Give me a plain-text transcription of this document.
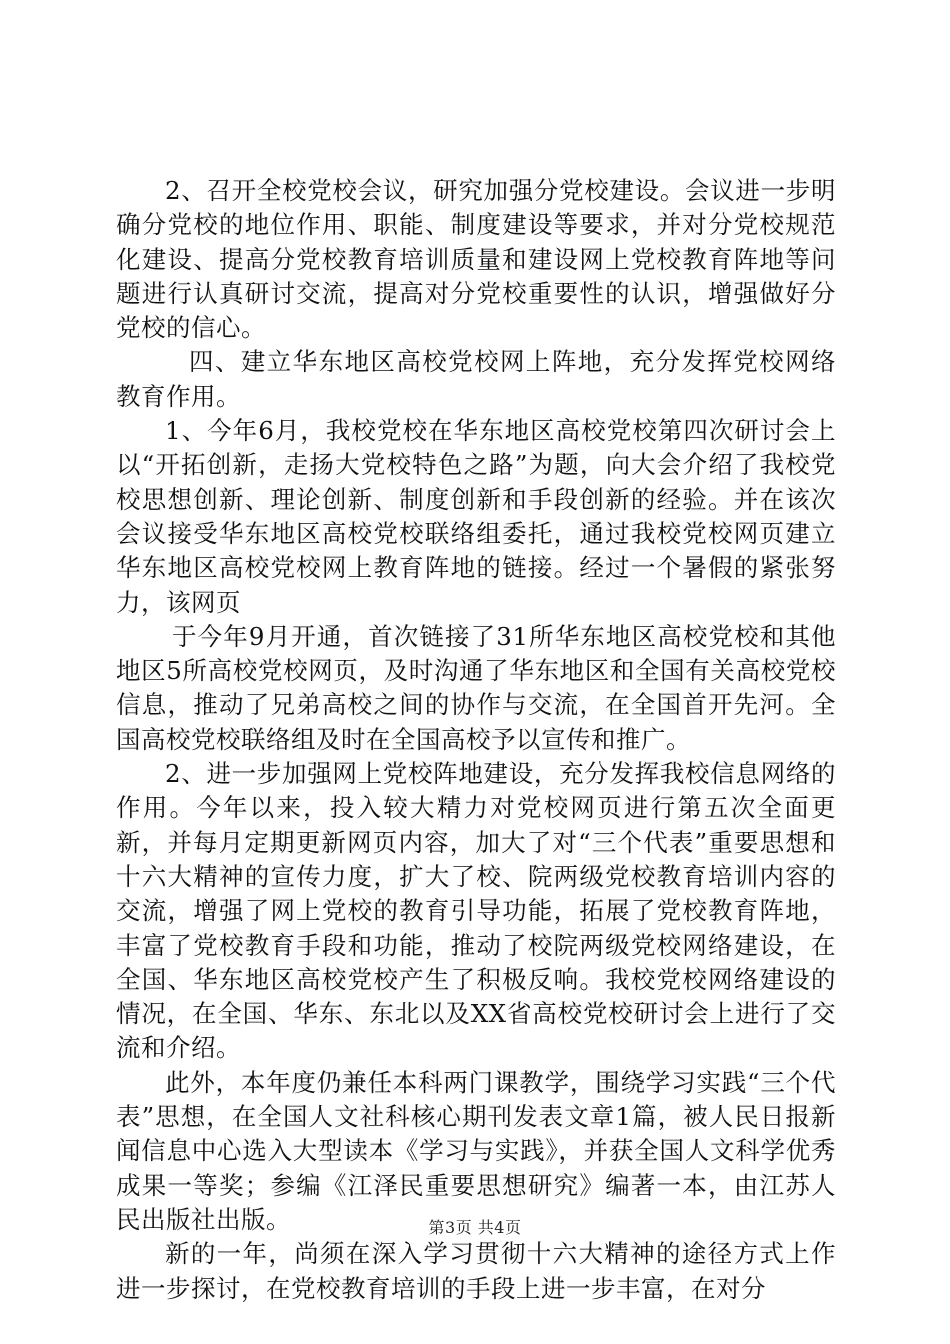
2、召开全校党校会议，研究加强分党校建设。会议进一步明确分党校的地位作用、职能、制度建设等要求，并对分党校规范化建设、提高分党校教育培训质量和建设网上党校教育阵地等问题进行认真研讨交流，提高对分党校重要性的认识，增强做好分党校的信心。

四、建立华东地区高校党校网上阵地，充分发挥党校网络教育作用。

1、今年6月，我校党校在华东地区高校党校第四次研讨会上以“开拓创新，走扬大党校特色之路”为题，向大会介绍了我校党校思想创新、理论创新、制度创新和手段创新的经验。并在该次会议接受华东地区高校党校联络组委托，通过我校党校网页建立华东地区高校党校网上教育阵地的链接。经过一个暑假的紧张努力，该网页

于今年9月开通，首次链接了31所华东地区高校党校和其他地区5所高校党校网页，及时沟通了华东地区和全国有关高校党校信息，推动了兄弟高校之间的协作与交流，在全国首开先河。全国高校党校联络组及时在全国高校予以宣传和推广。

2、进一步加强网上党校阵地建设，充分发挥我校信息网络的作用。今年以来，投入较大精力对党校网页进行第五次全面更新，并每月定期更新网页内容，加大了对“三个代表”重要思想和十六大精神的宣传力度，扩大了校、院两级党校教育培训内容的交流，增强了网上党校的教育引导功能，拓展了党校教育阵地，丰富了党校教育手段和功能，推动了校院两级党校网络建设，在全国、华东地区高校党校产生了积极反响。我校党校网络建设的情况，在全国、华东、东北以及XX省高校党校研讨会上进行了交流和介绍。

此外，本年度仍兼任本科两门课教学，围绕学习实践“三个代表”思想，在全国人文社科核心期刊发表文章1篇，被人民日报新闻信息中心选入大型读本《学习与实践》，并获全国人文科学优秀成果一等奖；参编《江泽民重要思想研究》编著一本，由江苏人民出版社出版。

新的一年，尚须在深入学习贯彻十六大精神的途径方式上作进一步探讨，在党校教育培训的手段上进一步丰富，在对分

第3页 共4页
